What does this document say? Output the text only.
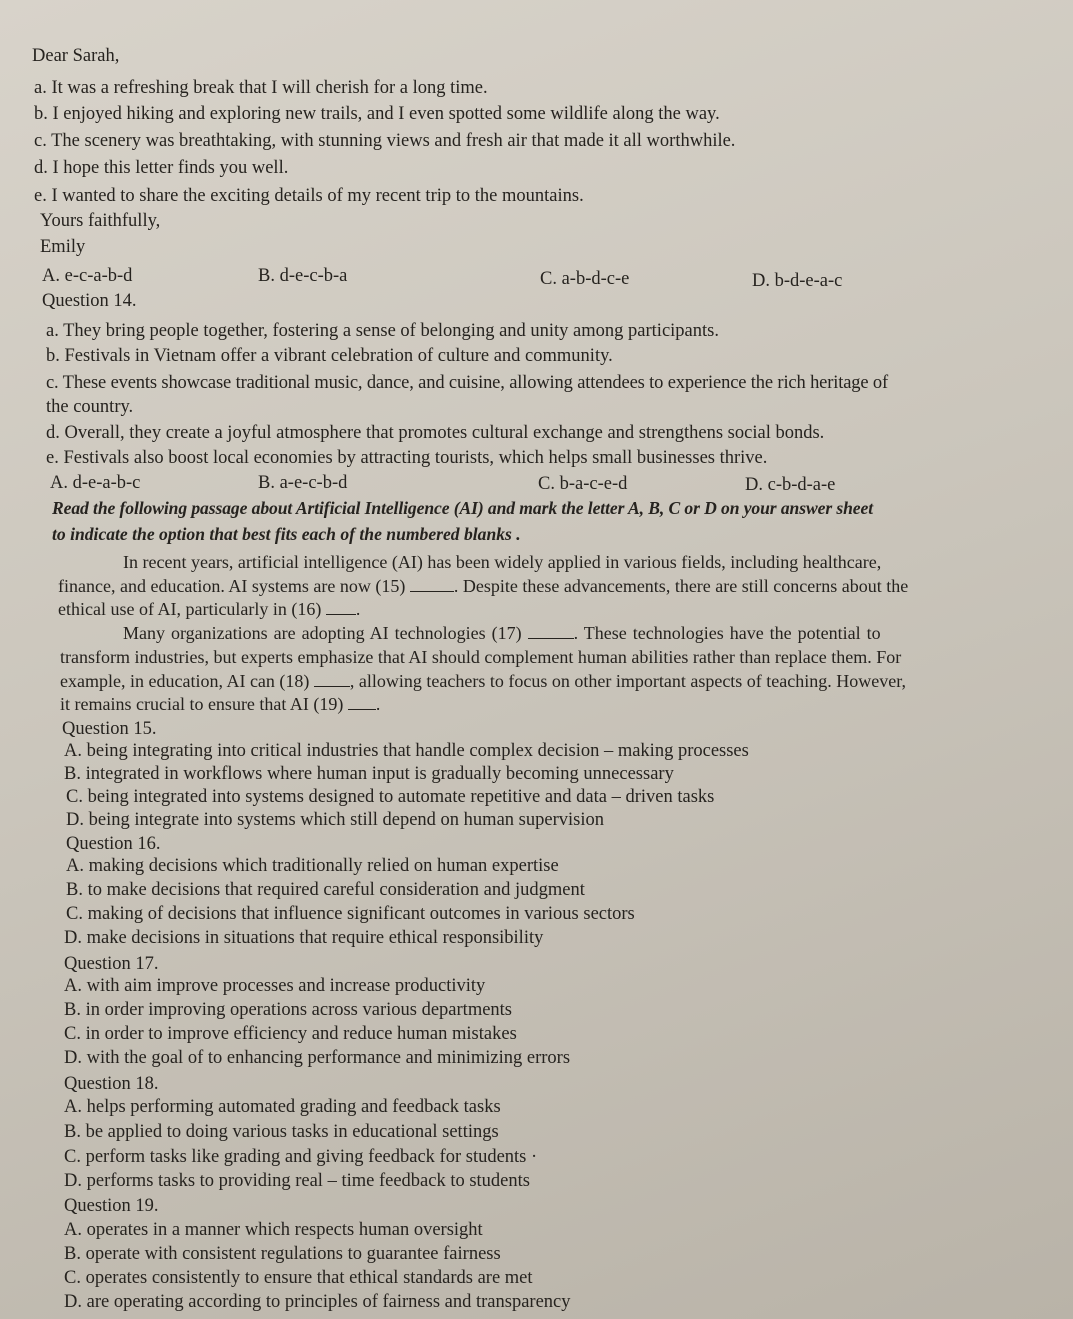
Dear Sarah,
a. It was a refreshing break that I will cherish for a long time.
b. I enjoyed hiking and exploring new trails, and I even spotted some wildlife along the way.
c. The scenery was breathtaking, with stunning views and fresh air that made it all worthwhile.
d. I hope this letter finds you well.
e. I wanted to share the exciting details of my recent trip to the mountains.
Yours faithfully,
Emily
A. e-c-a-b-d	B. d-e-c-b-a	C. a-b-d-c-e	D. b-d-e-a-c
Question 14.
a. They bring people together, fostering a sense of belonging and unity among participants.
b. Festivals in Vietnam offer a vibrant celebration of culture and community.
c. These events showcase traditional music, dance, and cuisine, allowing attendees to experience the rich heritage of
the country.
d. Overall, they create a joyful atmosphere that promotes cultural exchange and strengthens social bonds.
e. Festivals also boost local economies by attracting tourists, which helps small businesses thrive.
A. d-e-a-b-c	B. a-e-c-b-d	C. b-a-c-e-d	D. c-b-d-a-e
Read the following passage about Artificial Intelligence (AI) and mark the letter A, B, C or D on your answer sheet
to indicate the option that best fits each of the numbered blanks .
In recent years, artificial intelligence (AI) has been widely applied in various fields, including healthcare,
finance, and education. AI systems are now (15)	. Despite these advancements, there are still concerns about the
ethical use of AI, particularly in (16) .
Many organizations are adopting AI technologies (17)	. These technologies have the potential to
transform industries, but experts emphasize that AI should complement human abilities rather than replace them. For
example, in education, AI can (18) , allowing teachers to focus on other important aspects of teaching. However,
it remains crucial to ensure that AI (19) .
Question 15.
A. being integrating into critical industries that handle complex decision – making processes
B. integrated in workflows where human input is gradually becoming unnecessary
C. being integrated into systems designed to automate repetitive and data – driven tasks
D. being integrate into systems which still depend on human supervision
Question 16.
A. making decisions which traditionally relied on human expertise
B. to make decisions that required careful consideration and judgment
C. making of decisions that influence significant outcomes in various sectors
D. make decisions in situations that require ethical responsibility
Question 17.
A. with aim improve processes and increase productivity
B. in order improving operations across various departments
C. in order to improve efficiency and reduce human mistakes
D. with the goal of to enhancing performance and minimizing errors
Question 18.
A. helps performing automated grading and feedback tasks
B. be applied to doing various tasks in educational settings
C. perform tasks like grading and giving feedback for students ·
D. performs tasks to providing real – time feedback to students
Question 19.
A. operates in a manner which respects human oversight
B. operate with consistent regulations to guarantee fairness
C. operates consistently to ensure that ethical standards are met
D. are operating according to principles of fairness and transparency
